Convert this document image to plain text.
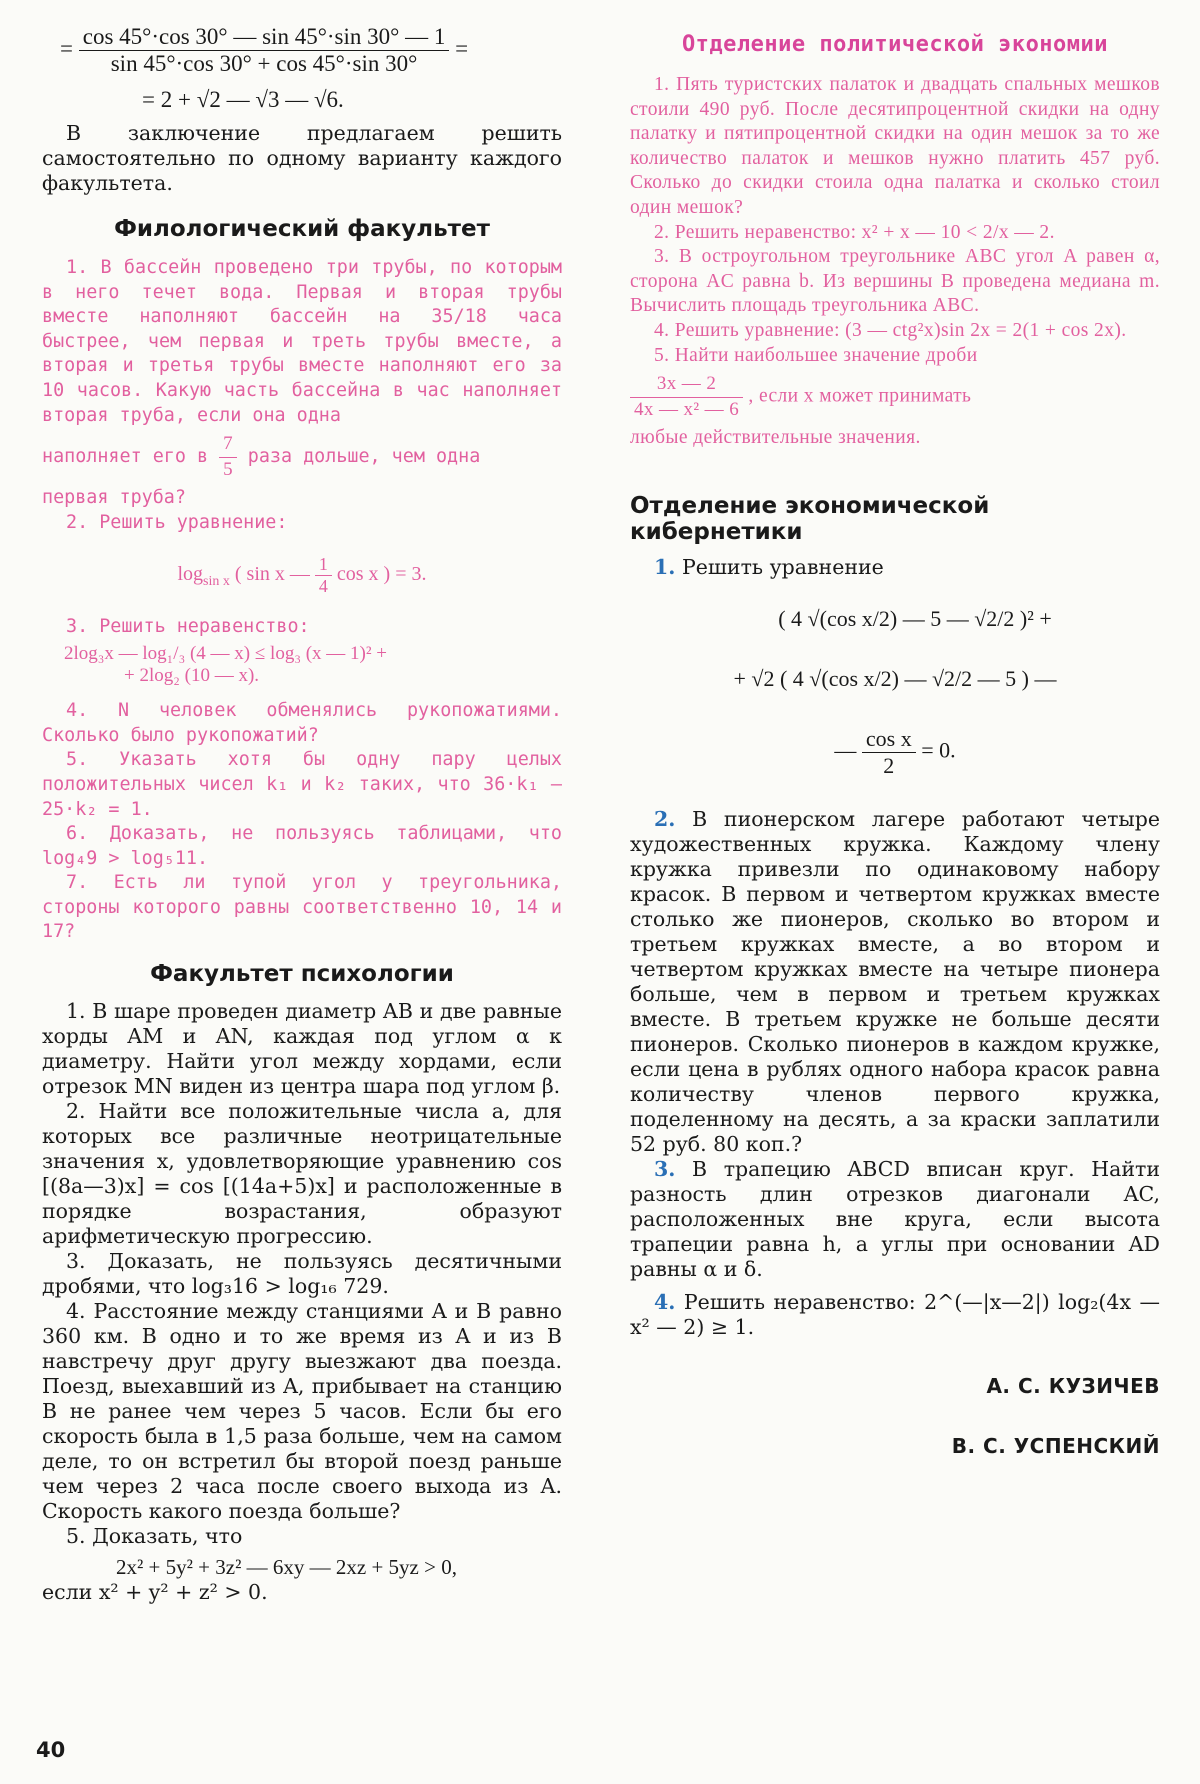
= $\frac{\cos 45^\circ\cdot\cos 30^\circ — \sin 45^\circ\cdot\sin 30^\circ — 1}{\sin 45^\circ\cdot\cos 30^\circ + \cos 45^\circ\cdot\sin 30^\circ}$ =
= 2 + √2 — √3 — √6.

В заключение предлагаем решить самостоятельно по одному варианту каждого факультета.

Филологический факультет

1. В бассейн проведено три трубы, по которым в него течет вода. Первая и вторая трубы вместе наполняют бассейн на 35/18 часа быстрее, чем первая и треть трубы вместе, а вторая и третья трубы вместе наполняют его за 10 часов. Какую часть бассейна в час наполняет вторая труба, если она одна

наполняет его в $\frac{7}{5}$ раза дольше, чем одна

первая труба?

2. Решить уравнение:

$\log_{sin x}$ ( sin x — $\frac{1}{4}$ cos x ) = 3.

3. Решить неравенство:

2log₃x — log₁/₃ (4 — x) ≤ log₃ (x — 1)² +
+ 2log₂ (10 — x).

4. N человек обменялись рукопожатиями. Сколько было рукопожатий?

5. Указать хотя бы одну пару целых положительных чисел k₁ и k₂ таких, что 36·k₁ — 25·k₂ = 1.

6. Доказать, не пользуясь таблицами, что log₄9 > log₅11.

7. Есть ли тупой угол у треугольника, стороны которого равны соответственно 10, 14 и 17?

Факультет психологии

1. В шаре проведен диаметр AB и две равные хорды AM и AN, каждая под углом α к диаметру. Найти угол между хордами, если отрезок MN виден из центра шара под углом β.

2. Найти все положительные числа a, для которых все различные неотрицательные значения x, удовлетворяющие уравнению cos [(8a—3)x] = cos [(14a+5)x] и расположенные в порядке возрастания, образуют арифметическую прогрессию.

3. Доказать, не пользуясь десятичными дробями, что log₃16 > log₁₆ 729.

4. Расстояние между станциями A и B равно 360 км. В одно и то же время из A и из B навстречу друг другу выезжают два поезда. Поезд, выехавший из A, прибывает на станцию B не ранее чем через 5 часов. Если бы его скорость была в 1,5 раза больше, чем на самом деле, то он встретил бы второй поезд раньше чем через 2 часа после своего выхода из A. Скорость какого поезда больше?

5. Доказать, что

2x² + 5y² + 3z² — 6xy — 2xz + 5yz > 0,

если x² + y² + z² > 0.

Отделение политической экономии

1. Пять туристских палаток и двадцать спальных мешков стоили 490 руб. После десятипроцентной скидки на одну палатку и пятипроцентной скидки на один мешок за то же количество палаток и мешков нужно платить 457 руб. Сколько до скидки стоила одна палатка и сколько стоил один мешок?

2. Решить неравенство: x² + x — 10 < 2/x — 2.

3. В остроугольном треугольнике ABC угол A равен α, сторона AC равна b. Из вершины B проведена медиана m. Вычислить площадь треугольника ABC.

4. Решить уравнение: (3 — ctg²x)sin 2x = 2(1 + cos 2x).

5. Найти наибольшее значение дроби

$\frac{3x — 2}{\text{4x — x² — 6}}$ , если x может принимать

любые действительные значения.

Отделение экономической кибернетики

1. Решить уравнение

( 4 √(cos x/2) — 5 — √2/2 )² +
+ √2 ( 4 √(cos x/2) — √2/2 — 5 ) —
— $\frac{\text{cos x}}{2} = 0$.

2. В пионерском лагере работают четыре художественных кружка. Каждому члену кружка привезли по одинаковому набору красок. В первом и четвертом кружках вместе столько же пионеров, сколько во втором и третьем кружках вместе, а во втором и четвертом кружках вместе на четыре пионера больше, чем в первом и третьем кружках вместе. В третьем кружке не больше десяти пионеров. Сколько пионеров в каждом кружке, если цена в рублях одного набора красок равна количеству членов первого кружка, поделенному на десять, а за краски заплатили 52 руб. 80 коп.?

3. В трапецию ABCD вписан круг. Найти разность длин отрезков диагонали AC, расположенных вне круга, если высота трапеции равна h, а углы при основании AD равны α и δ.

4. Решить неравенство: 2^(—|x—2|) log₂(4x — x² — 2) ≥ 1.

А. С. КУЗИЧЕВ
В. С. УСПЕНСКИЙ
40
